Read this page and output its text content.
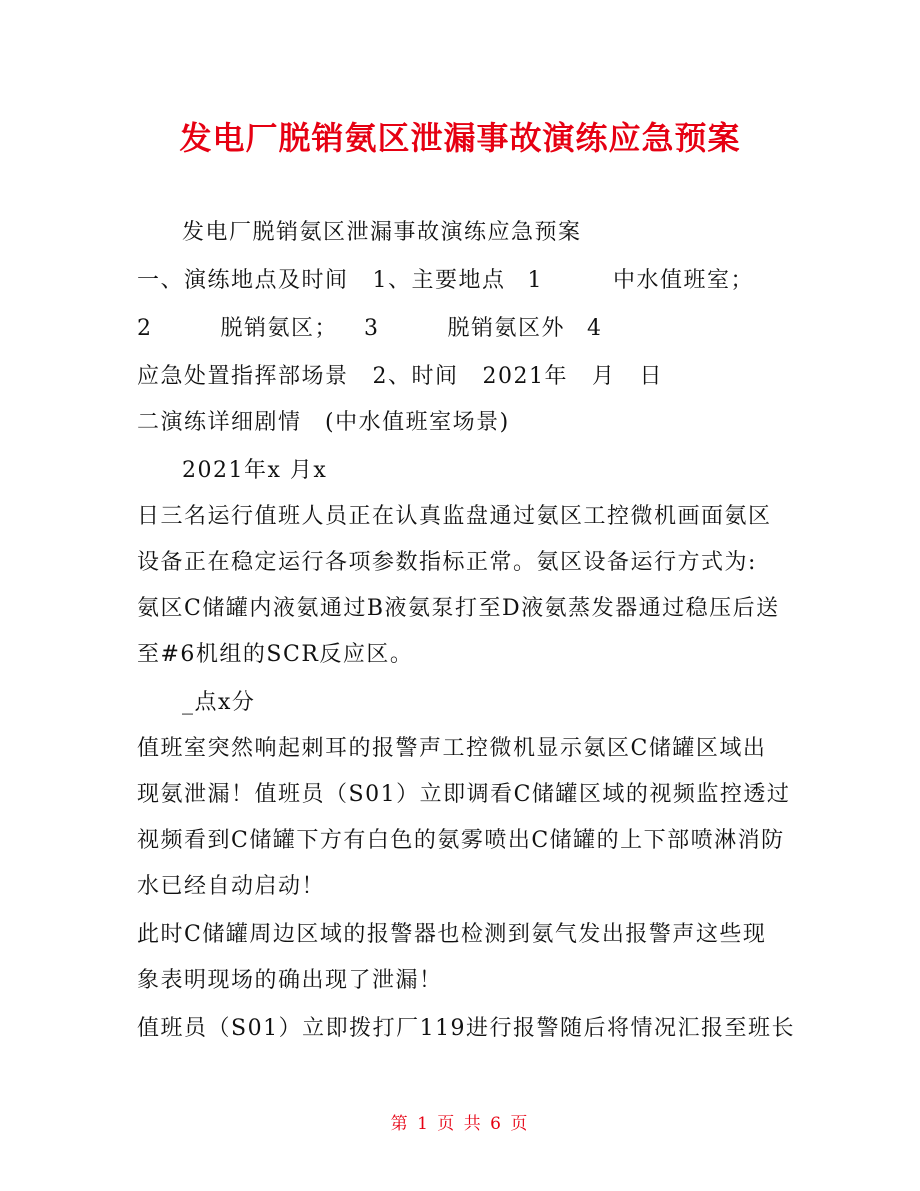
发电厂脱销氨区泄漏事故演练应急预案
发电厂脱销氨区泄漏事故演练应急预案
一、演练地点及时间 1、主要地点 1	中水值班室；
2	脱销氨区； 3	脱销氨区外 4
应急处置指挥部场景 2、时间 2021年 月 日
二演练详细剧情　(中水值班室场景)
2021年x 月x
日三名运行值班人员正在认真监盘通过氨区工控微机画面氨区
设备正在稳定运行各项参数指标正常。氨区设备运行方式为:
氨区C储罐内液氨通过B液氨泵打至D液氨蒸发器通过稳压后送
至#6机组的SCR反应区。
_点x分
值班室突然响起刺耳的报警声工控微机显示氨区C储罐区域出
现氨泄漏！值班员（S01）立即调看C储罐区域的视频监控透过
视频看到C储罐下方有白色的氨雾喷出C储罐的上下部喷淋消防
水已经自动启动！
此时C储罐周边区域的报警器也检测到氨气发出报警声这些现
象表明现场的确出现了泄漏！
值班员（S01）立即拨打厂119进行报警随后将情况汇报至班长
第 1 页 共 6 页
